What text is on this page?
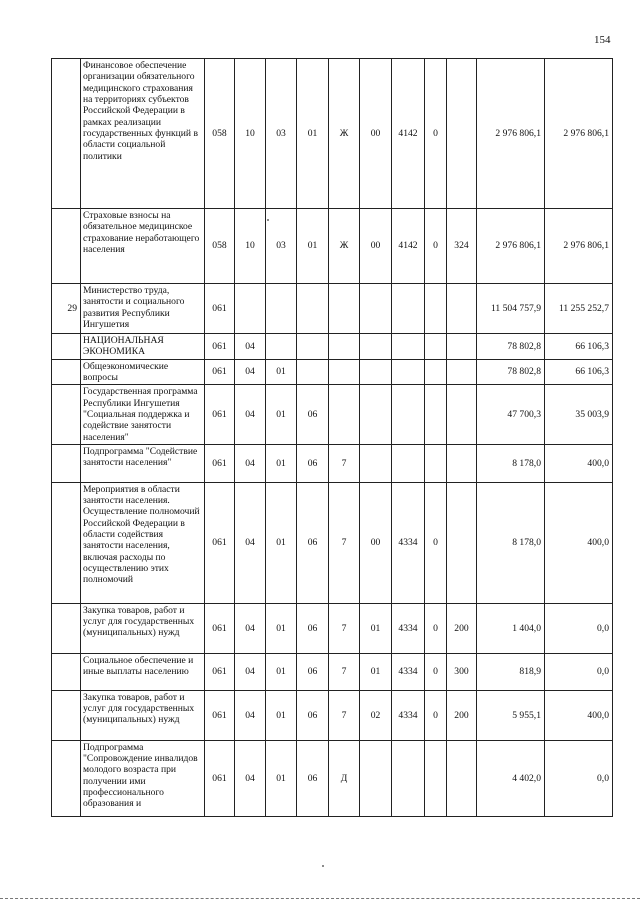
154
	Финансовое обеспечение организации обязательного медицинского страхования на территориях субъектов Российской Федерации в рамках реализации государственных функций в области социальной политики	058	10	03	01	Ж	00	4142	0		2 976 806,1	2 976 806,1
	Страховые взносы на обязательное медицинское страхование неработающего населения	058	10	03	01	Ж	00	4142	0	324	2 976 806,1	2 976 806,1
29	Министерство труда, занятости и социального развития Республики Ингушетия	061									11 504 757,9	11 255 252,7
	НАЦИОНАЛЬНАЯ ЭКОНОМИКА	061	04								78 802,8	66 106,3
	Общеэкономические вопросы	061	04	01							78 802,8	66 106,3
	Государственная программа Республики Ингушетия "Социальная поддержка и содействие занятости населения"	061	04	01	06						47 700,3	35 003,9
	Подпрограмма "Содействие занятости населения"	061	04	01	06	7					8 178,0	400,0
	Мероприятия в области занятости населения. Осуществление полномочий Российской Федерации в области содействия занятости населения, включая расходы по осуществлению этих полномочий	061	04	01	06	7	00	4334	0		8 178,0	400,0
	Закупка товаров, работ и услуг для государственных (муниципальных) нужд	061	04	01	06	7	01	4334	0	200	1 404,0	0,0
	Социальное обеспечение и иные выплаты населению	061	04	01	06	7	01	4334	0	300	818,9	0,0
	Закупка товаров, работ и услуг для государственных (муниципальных) нужд	061	04	01	06	7	02	4334	0	200	5 955,1	400,0
	Подпрограмма "Сопровождение инвалидов молодого возраста при получении ими профессионального образования и	061	04	01	06	Д					4 402,0	0,0
